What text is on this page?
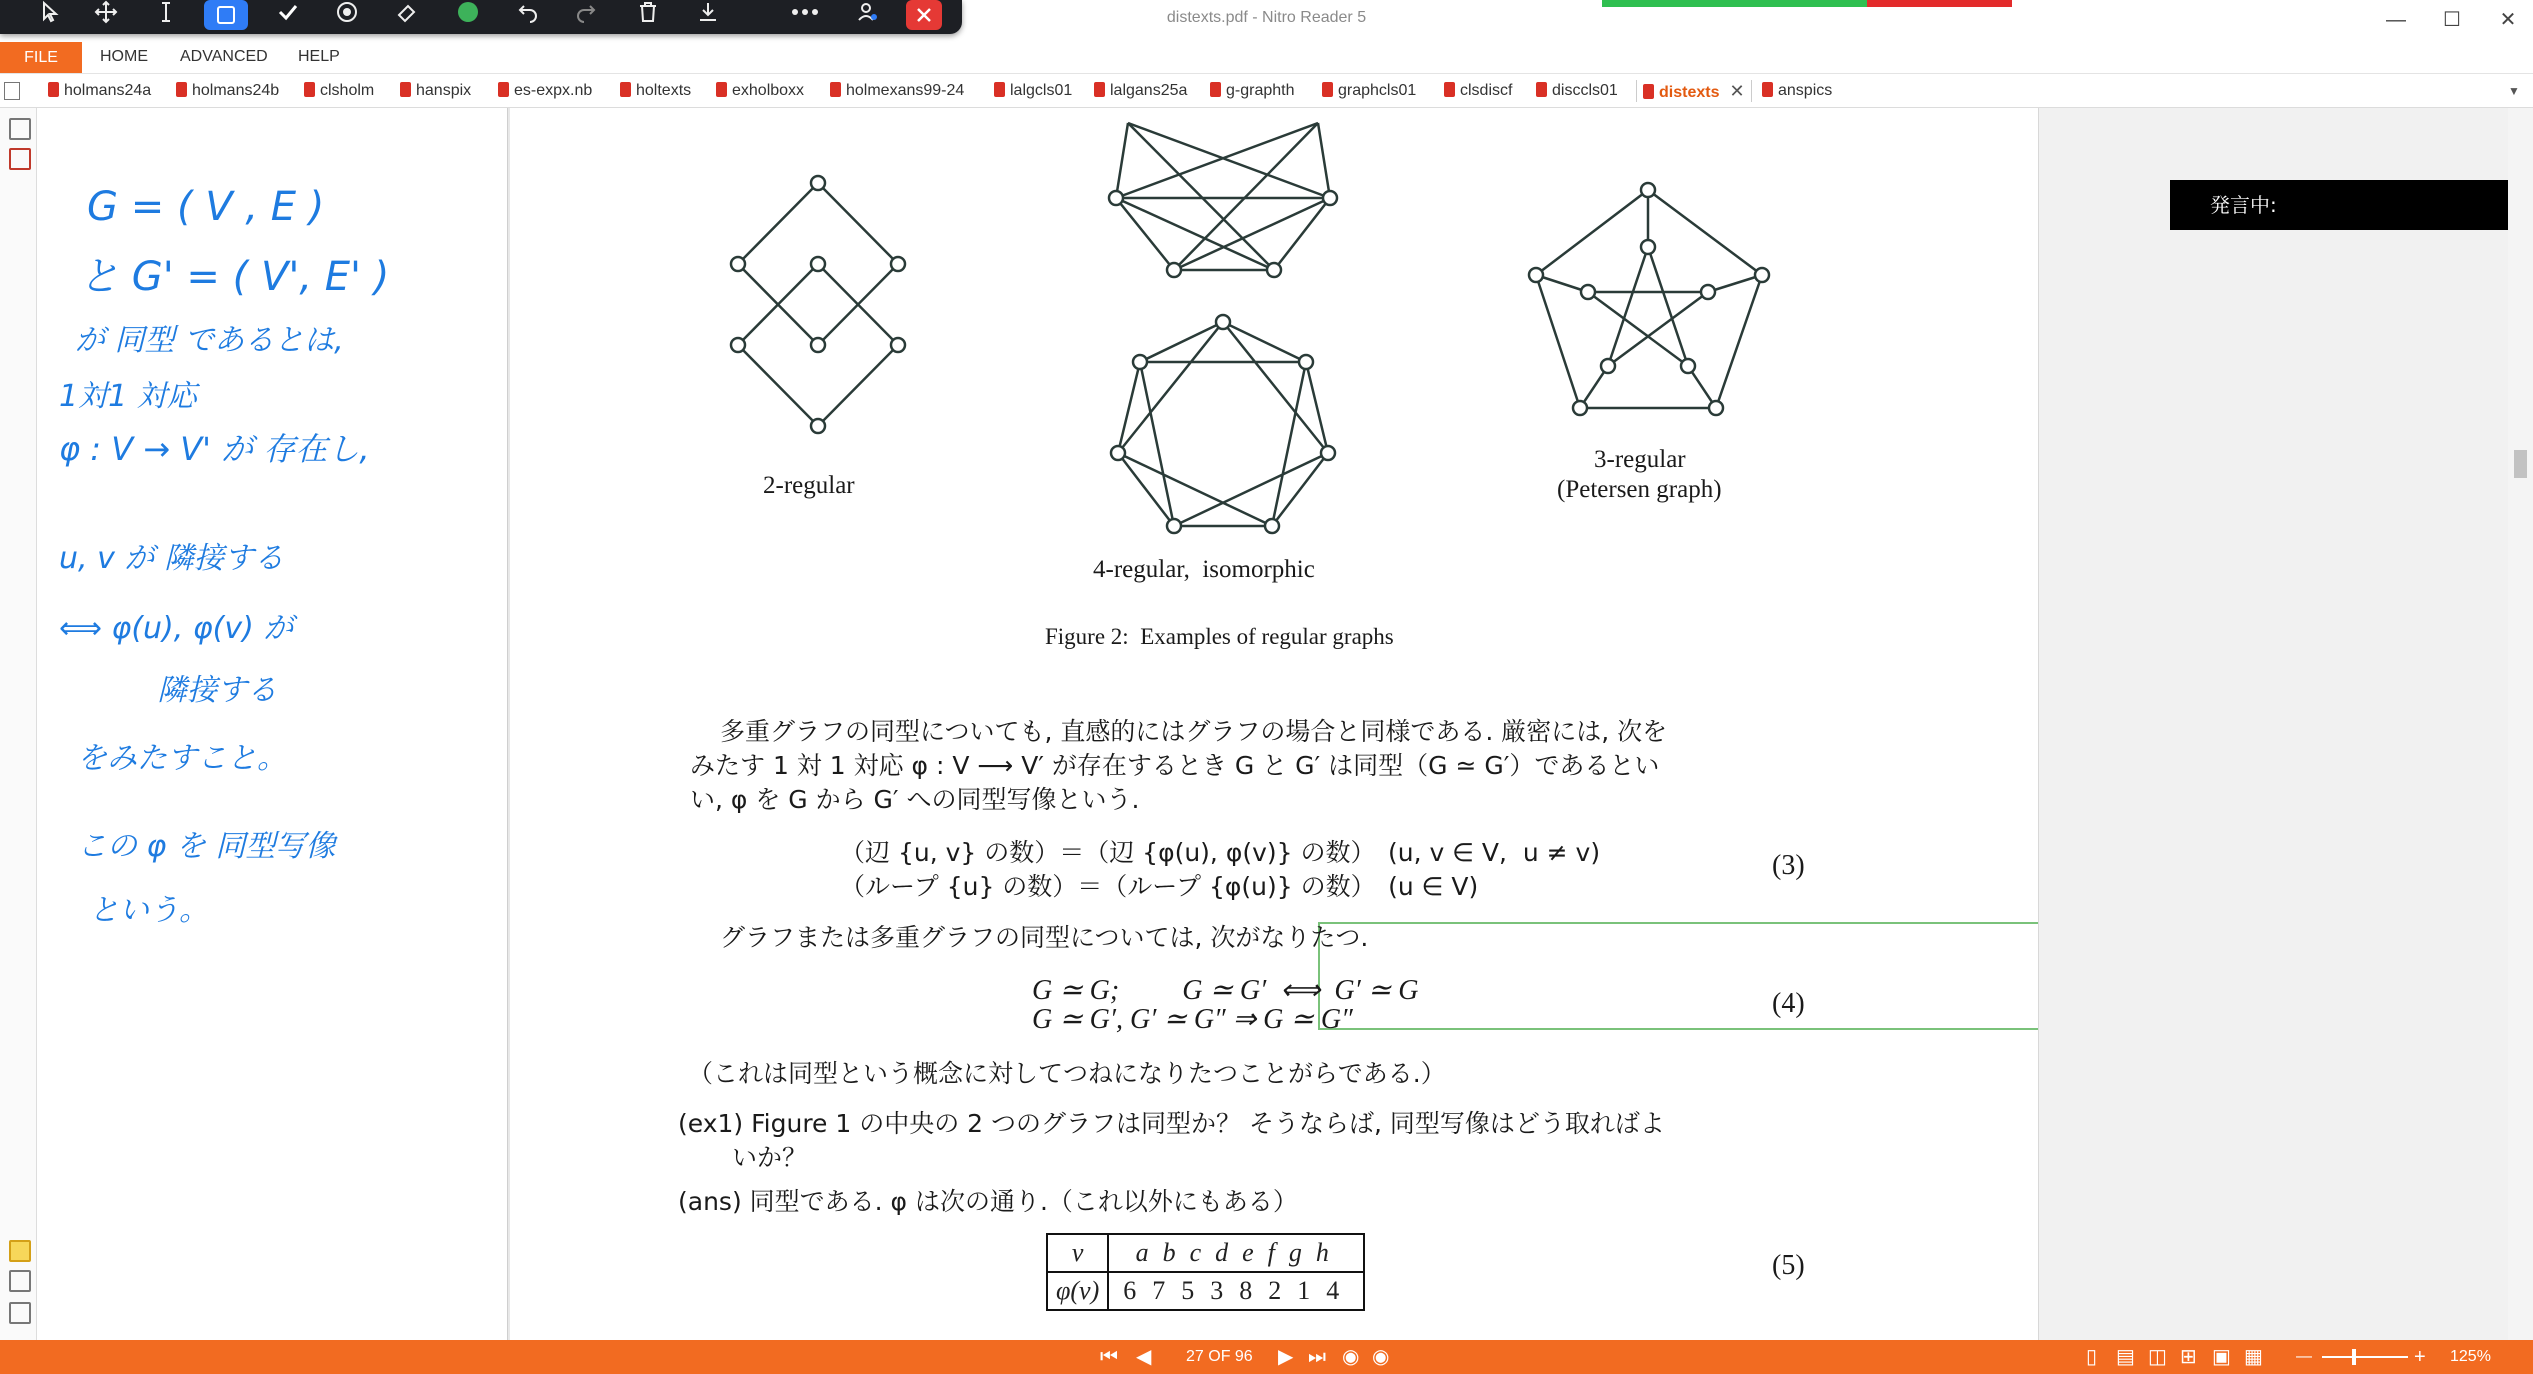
distexts.pdf - Nitro Reader 5	—	☐	✕
FILE	HOME ADVANCED HELP
holmans24a	holmans24b	clsholm	hanspix	es-expx.nb	holtexts	exholboxx	holmexans99-24	lalgcls01	lalgans25a	g-graphth	graphcls01	clsdiscf	disccls01	distexts ✕	anspics	▼
G = ( V , E )
と G' = ( V', E' )
が 同型 であるとは,
1対1 対応
φ : V → V' が 存在し,
u, v が 隣接する
⟺ φ(u), φ(v) が
隣接する
をみたすこと。
この φ を 同型写像
という。
2-regular
3-regular
(Petersen graph)
4-regular,  isomorphic
Figure 2:  Examples of regular graphs
多重グラフの同型についても, 直感的にはグラフの場合と同様である. 厳密には, 次を
みたす 1 対 1 対応 φ : V ⟶ V′ が存在するとき G と G′ は同型（G ≃ G′）であるとい
い, φ を G から G′ への同型写像という.
（辺 {u, v} の数）＝（辺 {φ(u), φ(v)} の数）　(u, v ∈ V,  u ≠ v)
（ループ {u} の数）＝（ループ {φ(u)} の数）　(u ∈ V)
(3)
グラフまたは多重グラフの同型については, 次がなりたつ.
G ≃ G;　　 G ≃ G′  ⟺  G′ ≃ G
G ≃ G′, G′ ≃ G″ ⇒ G ≃ G″
(4)
（これは同型という概念に対してつねになりたつことがらである.）
(ex1) Figure 1 の中央の 2 つのグラフは同型か？ そうならば, 同型写像はどう取ればよ
いか？
(ans) 同型である. φ は次の通り.（これ以外にもある）
(5)
v	abcdefgh
φ(v)	67538214
発言中:
⏮ ◀ 27 OF 96 ▶ ⏭ ◉ ◉	▯ ▤ ◫ ⊞ ▣ ▦ —	+ 125%
